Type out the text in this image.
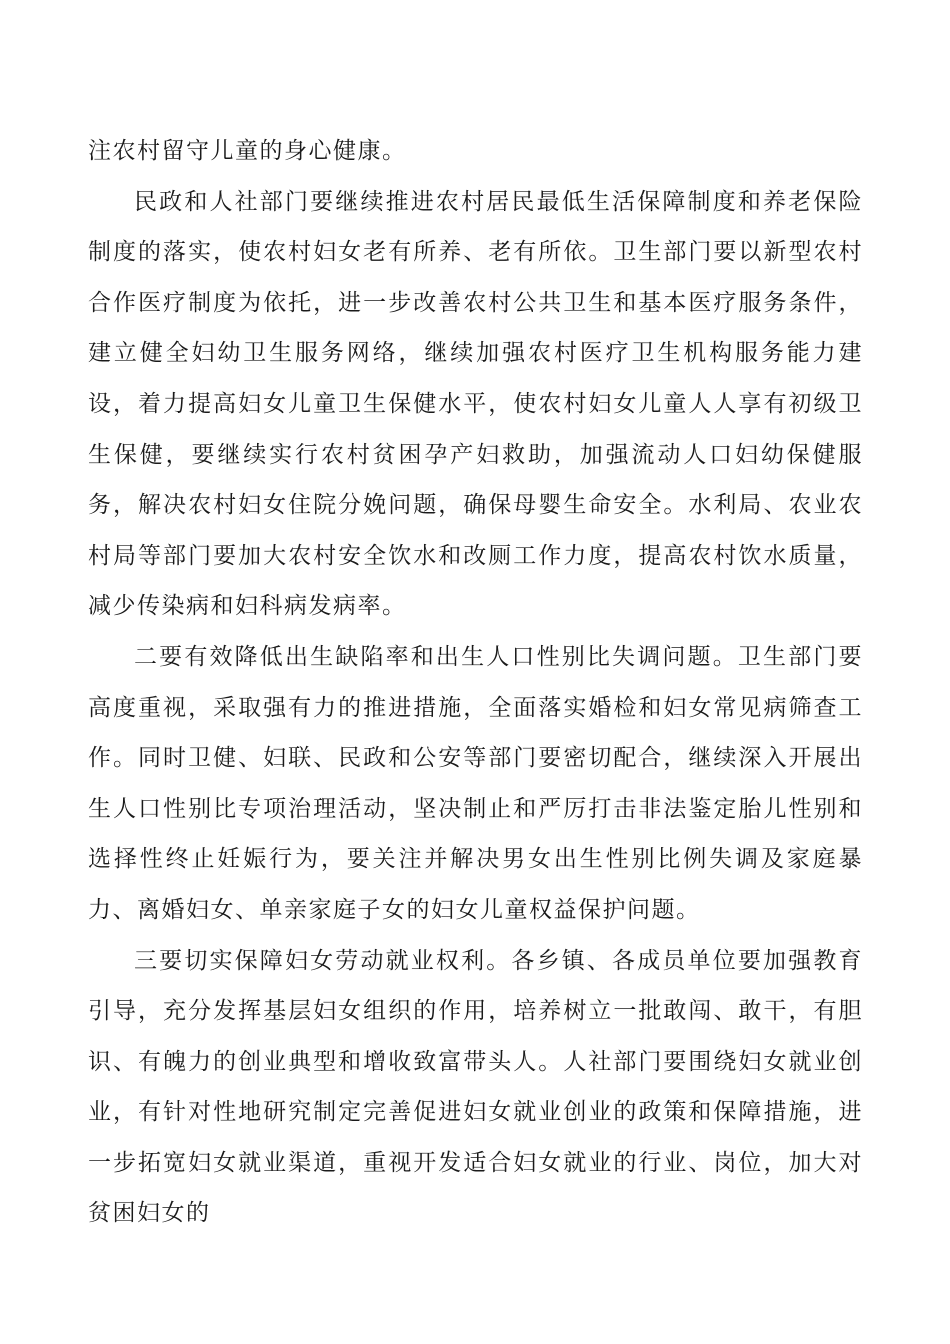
注农村留守儿童的身心健康。

民政和人社部门要继续推进农村居民最低生活保障制度和养老保险制度的落实，使农村妇女老有所养、老有所依。卫生部门要以新型农村合作医疗制度为依托，进一步改善农村公共卫生和基本医疗服务条件，建立健全妇幼卫生服务网络，继续加强农村医疗卫生机构服务能力建设，着力提高妇女儿童卫生保健水平，使农村妇女儿童人人享有初级卫生保健，要继续实行农村贫困孕产妇救助，加强流动人口妇幼保健服务，解决农村妇女住院分娩问题，确保母婴生命安全。水利局、农业农村局等部门要加大农村安全饮水和改厕工作力度，提高农村饮水质量，减少传染病和妇科病发病率。

二要有效降低出生缺陷率和出生人口性别比失调问题。卫生部门要高度重视，采取强有力的推进措施，全面落实婚检和妇女常见病筛查工作。同时卫健、妇联、民政和公安等部门要密切配合，继续深入开展出生人口性别比专项治理活动，坚决制止和严厉打击非法鉴定胎儿性别和选择性终止妊娠行为，要关注并解决男女出生性别比例失调及家庭暴力、离婚妇女、单亲家庭子女的妇女儿童权益保护问题。

三要切实保障妇女劳动就业权利。各乡镇、各成员单位要加强教育引导，充分发挥基层妇女组织的作用，培养树立一批敢闯、敢干，有胆识、有魄力的创业典型和增收致富带头人。人社部门要围绕妇女就业创业，有针对性地研究制定完善促进妇女就业创业的政策和保障措施，进一步拓宽妇女就业渠道，重视开发适合妇女就业的行业、岗位，加大对贫困妇女的
